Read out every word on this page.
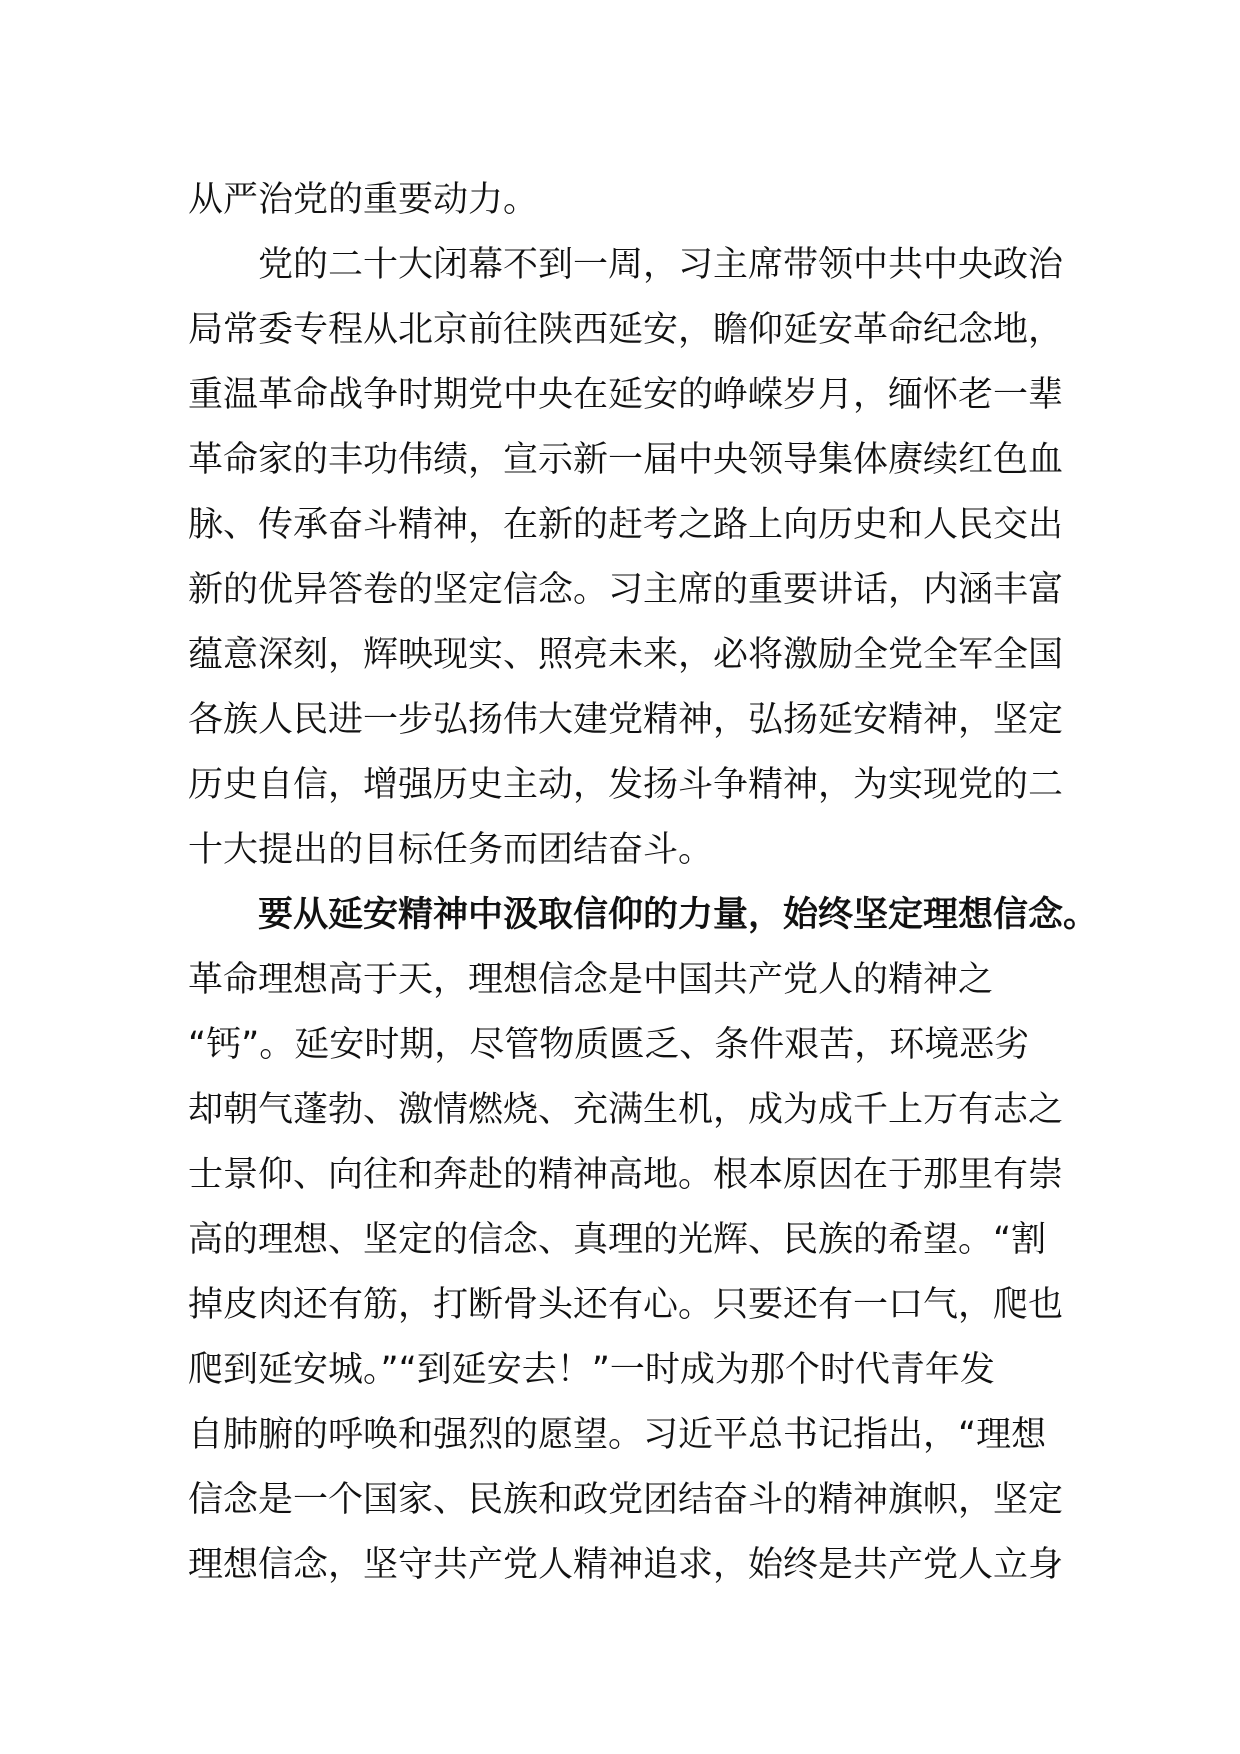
从严治党的重要动力。
党的二十大闭幕不到一周，习主席带领中共中央政治
局常委专程从北京前往陕西延安，瞻仰延安革命纪念地，
重温革命战争时期党中央在延安的峥嵘岁月，缅怀老一辈
革命家的丰功伟绩，宣示新一届中央领导集体赓续红色血
脉、传承奋斗精神，在新的赶考之路上向历史和人民交出
新的优异答卷的坚定信念。习主席的重要讲话，内涵丰富
蕴意深刻，辉映现实、照亮未来，必将激励全党全军全国
各族人民进一步弘扬伟大建党精神，弘扬延安精神，坚定
历史自信，增强历史主动，发扬斗争精神，为实现党的二
十大提出的目标任务而团结奋斗。
要从延安精神中汲取信仰的力量，始终坚定理想信念。
革命理想高于天，理想信念是中国共产党人的精神之
“钙”。延安时期，尽管物质匮乏、条件艰苦，环境恶劣
却朝气蓬勃、激情燃烧、充满生机，成为成千上万有志之
士景仰、向往和奔赴的精神高地。根本原因在于那里有崇
高的理想、坚定的信念、真理的光辉、民族的希望。“割
掉皮肉还有筋，打断骨头还有心。只要还有一口气，爬也
爬到延安城。”“到延安去！”一时成为那个时代青年发
自肺腑的呼唤和强烈的愿望。习近平总书记指出，“理想
信念是一个国家、民族和政党团结奋斗的精神旗帜，坚定
理想信念，坚守共产党人精神追求，始终是共产党人立身
